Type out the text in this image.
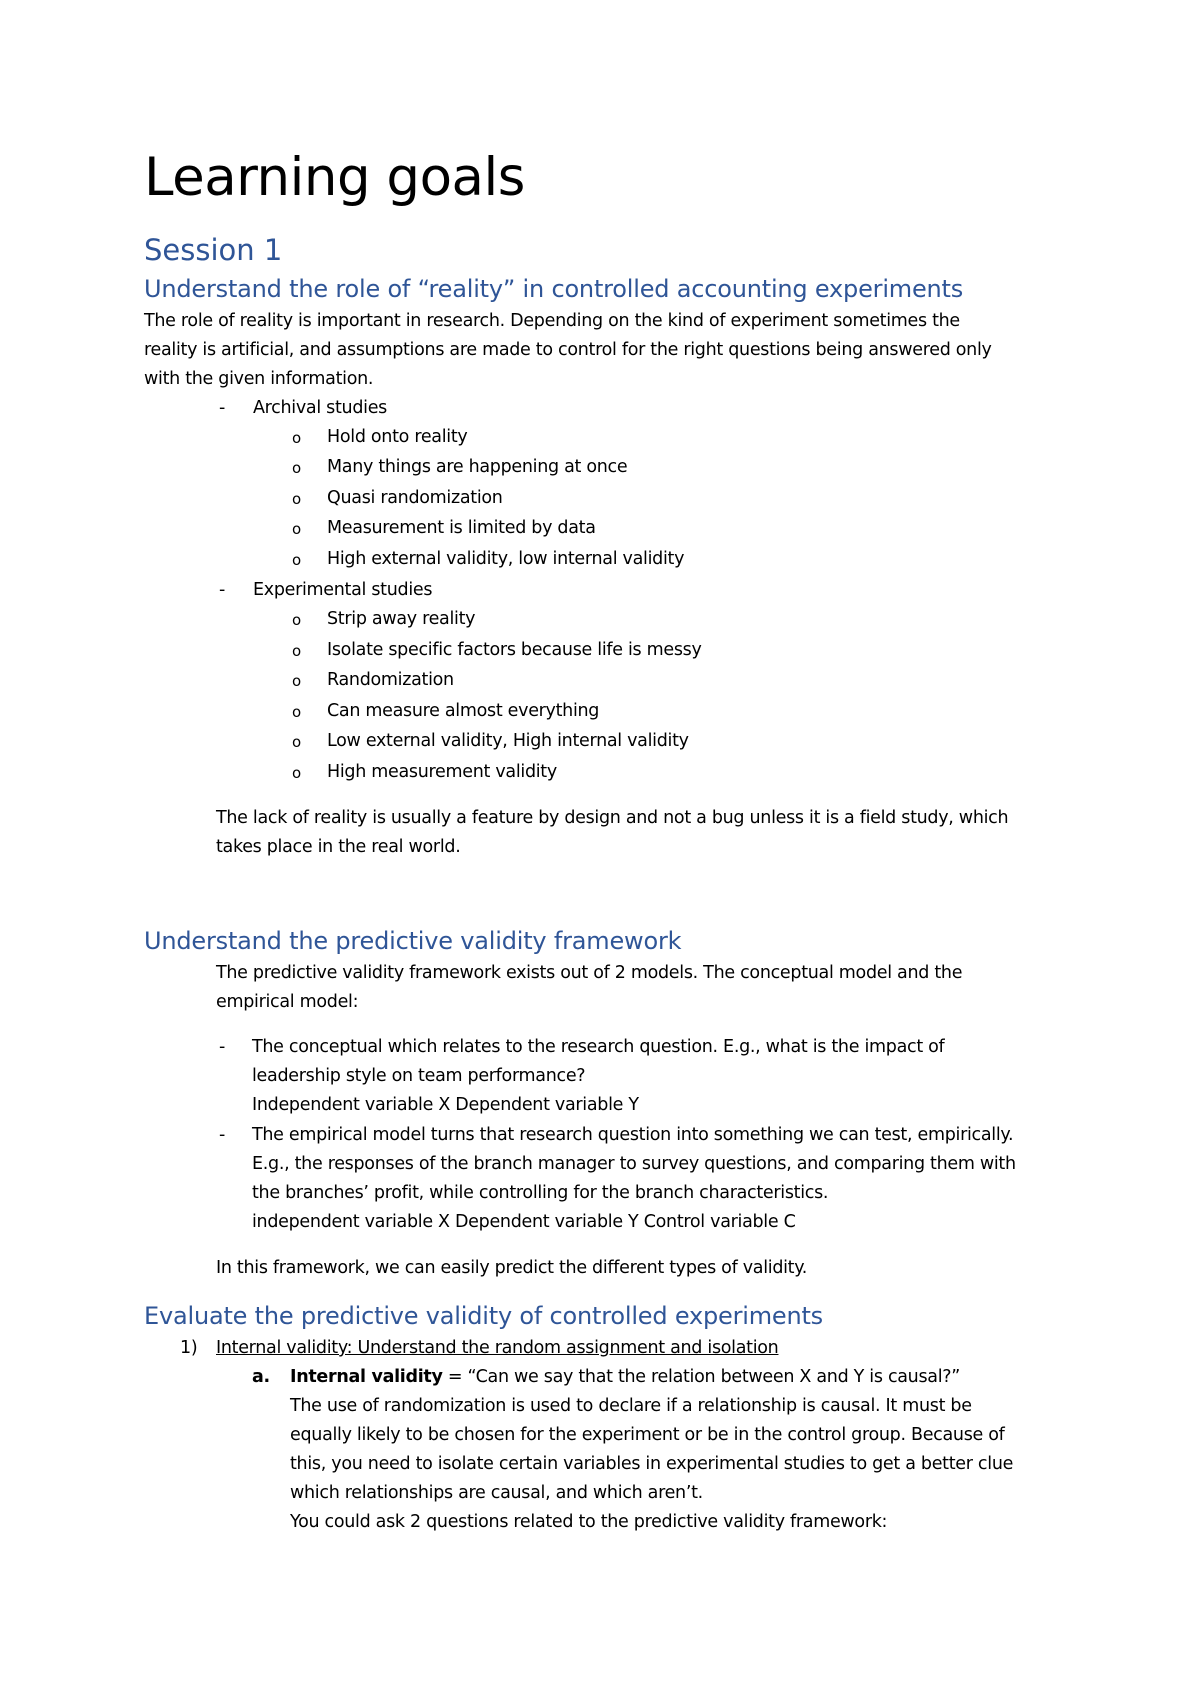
Learning goals
Session 1
Understand the role of “reality” in controlled accounting experiments
The role of reality is important in research. Depending on the kind of experiment sometimes the
reality is artificial, and assumptions are made to control for the right questions being answered only
with the given information.
- Archival studies
o Hold onto reality
o Many things are happening at once
o Quasi randomization
o Measurement is limited by data
o High external validity, low internal validity
- Experimental studies
o Strip away reality
o Isolate specific factors because life is messy
o Randomization
o Can measure almost everything
o Low external validity, High internal validity
o High measurement validity
The lack of reality is usually a feature by design and not a bug unless it is a field study, which
takes place in the real world.
Understand the predictive validity framework
The predictive validity framework exists out of 2 models. The conceptual model and the
empirical model:
- The conceptual which relates to the research question. E.g., what is the impact of
leadership style on team performance?
Independent variable X Dependent variable Y
- The empirical model turns that research question into something we can test, empirically.
E.g., the responses of the branch manager to survey questions, and comparing them with
the branches’ profit, while controlling for the branch characteristics.
independent variable X Dependent variable Y Control variable C
In this framework, we can easily predict the different types of validity.
Evaluate the predictive validity of controlled experiments
1) Internal validity: Understand the random assignment and isolation
a. Internal validity = “Can we say that the relation between X and Y is causal?”
The use of randomization is used to declare if a relationship is causal. It must be
equally likely to be chosen for the experiment or be in the control group. Because of
this, you need to isolate certain variables in experimental studies to get a better clue
which relationships are causal, and which aren’t.
You could ask 2 questions related to the predictive validity framework:
